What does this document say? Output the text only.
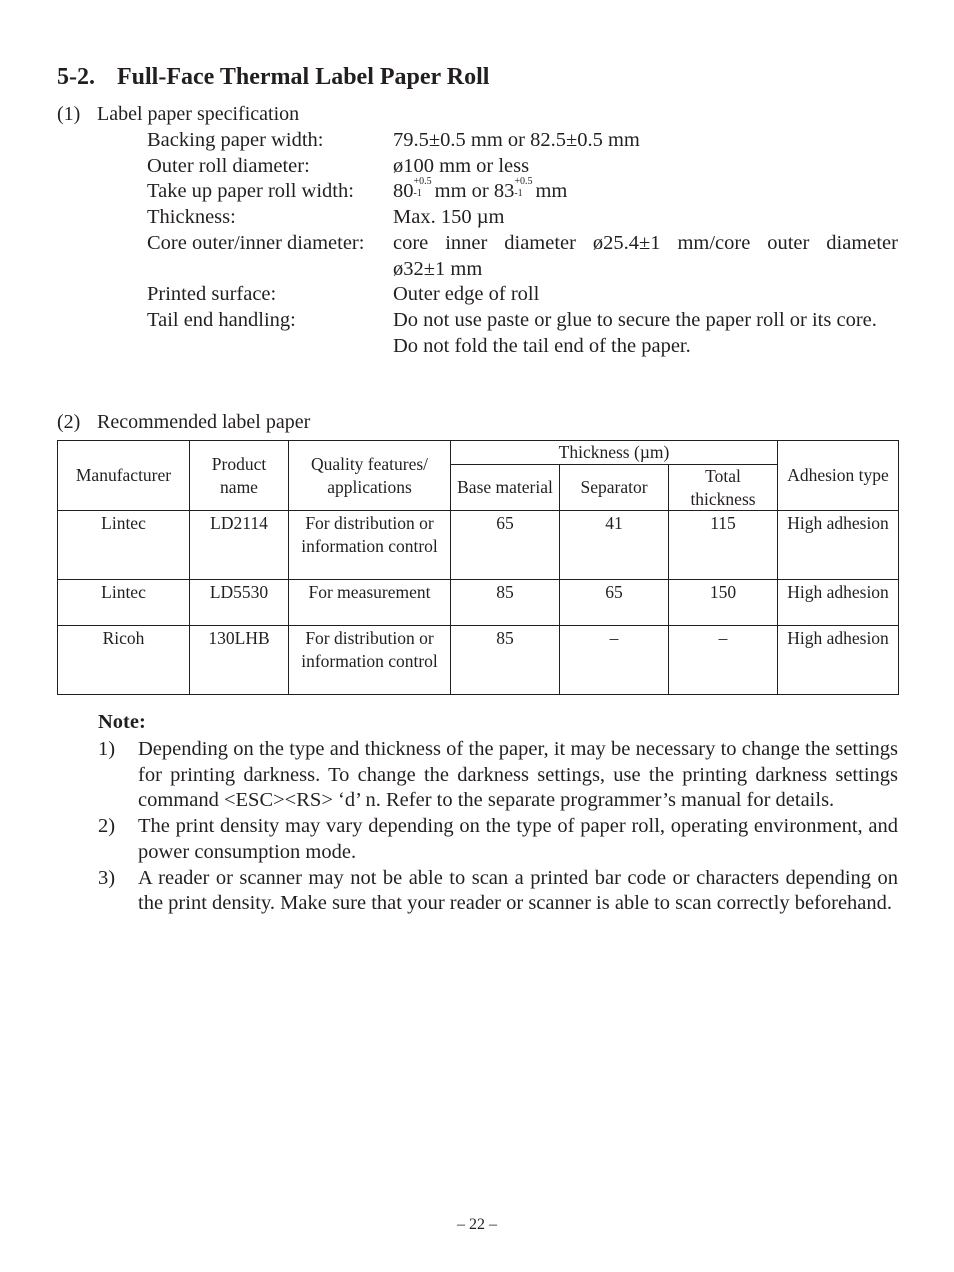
5-2. Full-Face Thermal Label Paper Roll
(1) Label paper specification
Backing paper width:	79.5±0.5 mm or 82.5±0.5 mm
Outer roll diameter:	ø100 mm or less
Take up paper roll width:	80 +0.5
-1 mm or 83 +0.5
-1 mm
Thickness:	Max. 150 µm
Core outer/inner diameter:	core inner diameter ø25.4±1 mm/core outer diameter
ø32±1 mm
Printed surface:	Outer edge of roll
Tail end handling:	Do not use paste or glue to secure the paper roll or its core.
Do not fold the tail end of the paper.
(2) Recommended label paper
Manufacturer	Product name	Quality features/ applications	Thickness (µm)			Adhesion type
			Base material	Separator	Total thickness	
Lintec	LD2114	For distribution or information control	65	41	115	High adhesion
Lintec	LD5530	For measurement	85	65	150	High adhesion
Ricoh	130LHB	For distribution or information control	85	–	–	High adhesion
Note:
1)	Depending on the type and thickness of the paper, it may be necessary to change the settings for printing darkness. To change the darkness settings, use the printing darkness settings command <ESC><RS> ‘d’ n. Refer to the separate programmer’s manual for details.
2)	The print density may vary depending on the type of paper roll, operating environment, and power consumption mode.
3)	A reader or scanner may not be able to scan a printed bar code or characters depending on the print density. Make sure that your reader or scanner is able to scan correctly beforehand.
– 22 –
